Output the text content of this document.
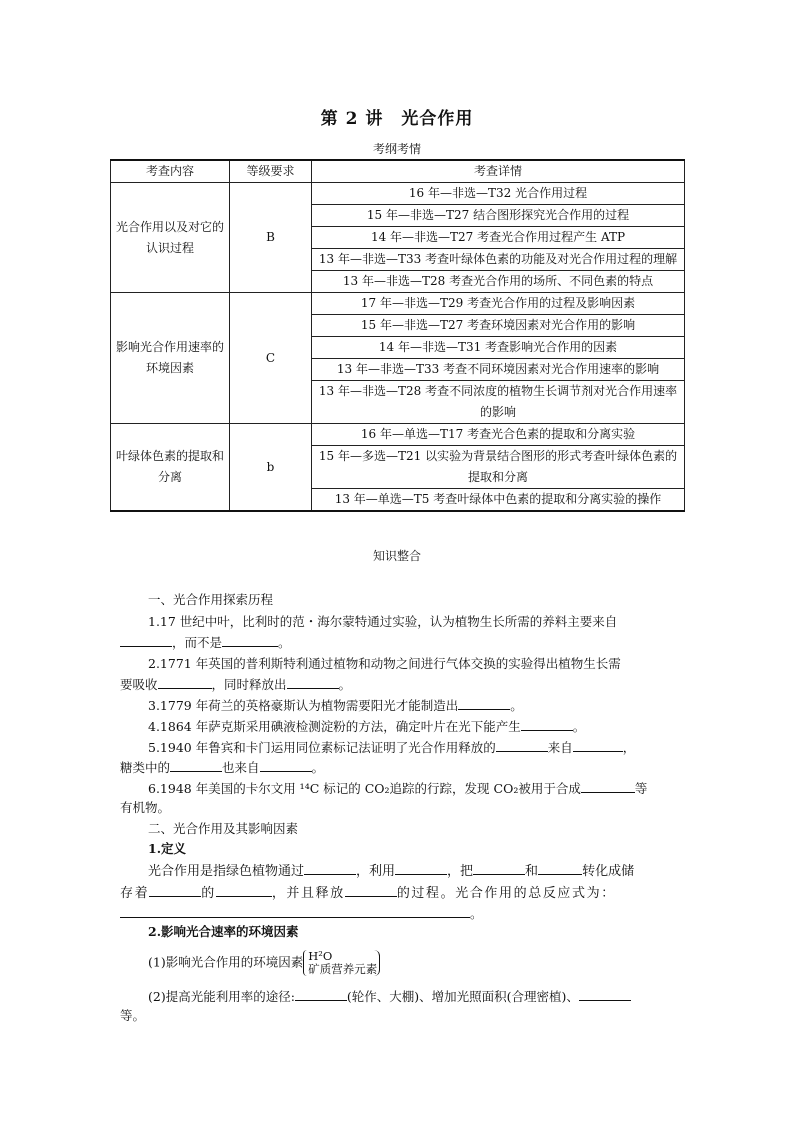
第 2 讲　光合作用
考纲考情
考查内容	等级要求	考查详情
光合作用以及对它的认识过程	B	16 年—非选—T32 光合作用过程
		15 年—非选—T27 结合图形探究光合作用的过程
		14 年—非选—T27 考查光合作用过程产生 ATP
		13 年—非选—T33 考查叶绿体色素的功能及对光合作用过程的理解
		13 年—非选—T28 考查光合作用的场所、不同色素的特点
影响光合作用速率的环境因素	C	17 年—非选—T29 考查光合作用的过程及影响因素
		15 年—非选—T27 考查环境因素对光合作用的影响
		14 年—非选—T31 考查影响光合作用的因素
		13 年—非选—T33 考查不同环境因素对光合作用速率的影响
		13 年—非选—T28 考查不同浓度的植物生长调节剂对光合作用速率的影响
叶绿体色素的提取和分离	b	16 年—单选—T17 考查光合色素的提取和分离实验
		15 年—多选—T21 以实验为背景结合图形的形式考查叶绿体色素的提取和分离
		13 年—单选—T5 考查叶绿体中色素的提取和分离实验的操作
知识整合
一、光合作用探索历程
1.17 世纪中叶，比利时的范・海尔蒙特通过实验，认为植物生长所需的养料主要来自
，而不是	。
2.1771 年英国的普利斯特利通过植物和动物之间进行气体交换的实验得出植物生长需
要吸收	，同时释放出	。
3.1779 年荷兰的英格豪斯认为植物需要阳光才能制造出	。
4.1864 年萨克斯采用碘液检测淀粉的方法，确定叶片在光下能产生	。
5.1940 年鲁宾和卡门运用同位素标记法证明了光合作用释放的	来自	，
糖类中的	也来自	。
6.1948 年美国的卡尔文用 ¹⁴C 标记的 CO₂追踪的行踪，发现 CO₂被用于合成	等
有机物。
二、光合作用及其影响因素
1.定义
光合作用是指绿色植物通过	，利用	，把	和	转化成储
存着	的	，并且释放	的过程。光合作用的总反应式为：
。
2.影响光合速率的环境因素
(1)影响光合作用的环境因素 H²O
矿质营养元素
(2)提高光能利用率的途径:	(轮作、大棚)、增加光照面积(合理密植)、
等。
